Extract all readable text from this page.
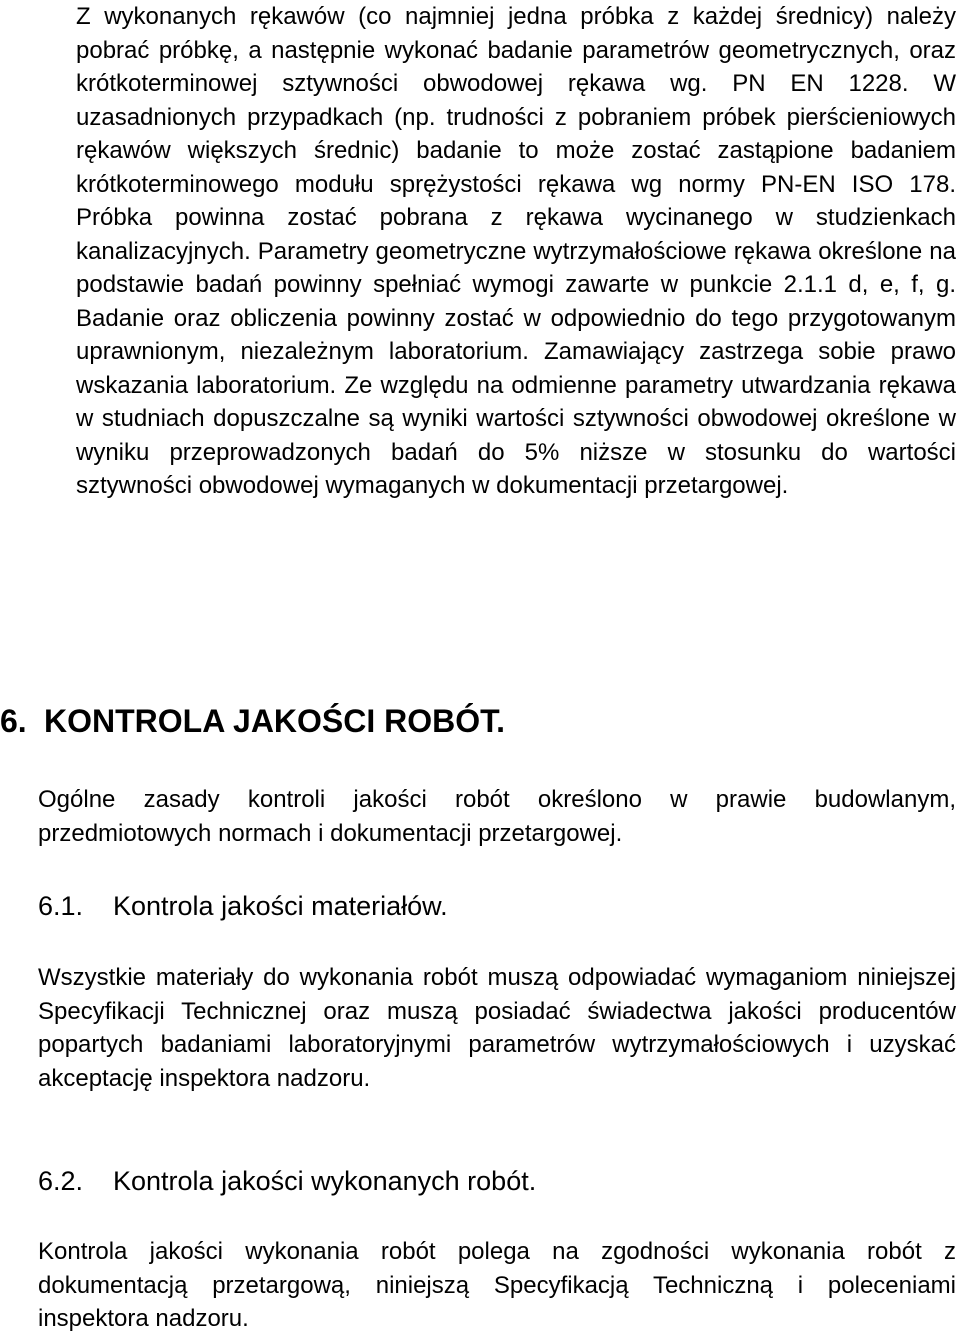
Z wykonanych rękawów (co najmniej jedna próbka z każdej średnicy) należy pobrać próbkę, a następnie wykonać badanie parametrów geometrycznych, oraz krótkoterminowej sztywności obwodowej rękawa wg. PN EN 1228. W uzasadnionych przypadkach (np. trudności z pobraniem próbek pierścieniowych rękawów większych średnic) badanie to może zostać zastąpione badaniem krótkoterminowego modułu sprężystości rękawa wg normy PN-EN ISO 178. Próbka powinna zostać pobrana z rękawa wycinanego w studzienkach kanalizacyjnych. Parametry geometryczne wytrzymałościowe rękawa określone na podstawie badań powinny spełniać wymogi zawarte w punkcie 2.1.1 d, e, f, g. Badanie oraz obliczenia powinny zostać w odpowiednio do tego przygotowanym uprawnionym, niezależnym laboratorium. Zamawiający zastrzega sobie prawo wskazania laboratorium. Ze względu na odmienne parametry utwardzania rękawa w studniach dopuszczalne są wyniki wartości sztywności obwodowej określone w wyniku przeprowadzonych badań do 5% niższe w stosunku do wartości sztywności obwodowej wymaganych w dokumentacji przetargowej.

6. KONTROLA JAKOŚCI ROBÓT.

Ogólne zasady kontroli jakości robót określono w prawie budowlanym, przedmiotowych normach i dokumentacji przetargowej.

6.1. Kontrola jakości materiałów.

Wszystkie materiały do wykonania robót muszą odpowiadać wymaganiom niniejszej Specyfikacji Technicznej oraz muszą posiadać świadectwa jakości producentów popartych badaniami laboratoryjnymi parametrów wytrzymałościowych i uzyskać akceptację inspektora nadzoru.

6.2. Kontrola jakości wykonanych robót.

Kontrola jakości wykonania robót polega na zgodności wykonania robót z dokumentacją przetargową, niniejszą Specyfikacją Techniczną i poleceniami inspektora nadzoru.
